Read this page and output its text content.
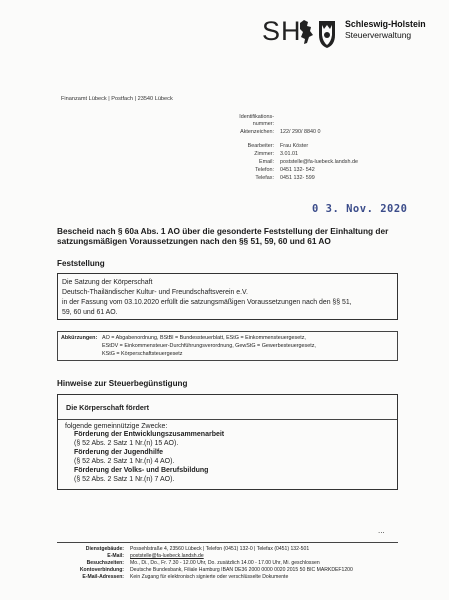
SH	Schleswig-Holstein
Steuerverwaltung
Finanzamt Lübeck | Postfach | 23540 Lübeck
Identifikations-
nummer:
Aktenzeichen: 122/ 290/ 8840 0
Bearbeiter: Frau Köster
Zimmer: 3.01.01
Email: poststelle@fa-luebeck.landsh.de
Telefon: 0451 132- 542
Telefax: 0451 132- 599
0 3. Nov. 2020
Bescheid nach § 60a Abs. 1 AO über die gesonderte Feststellung der Einhaltung der satzungsmäßigen Voraussetzungen nach den §§ 51, 59, 60 und 61 AO
Feststellung
Die Satzung der Körperschaft
Deutsch-Thailändischer Kultur- und Freundschaftsverein e.V.
in der Fassung vom 03.10.2020 erfüllt die satzungsmäßigen Voraussetzungen nach den §§ 51,
59, 60 und 61 AO.
Abkürzungen: AO = Abgabenordnung, BStBl = Bundessteuerblatt, EStG = Einkommensteuergesetz,
EStDV = Einkommensteuer-Durchführungsverordnung, GewStG = Gewerbesteuergesetz,
KStG = Körperschaftsteuergesetz
Hinweise zur Steuerbegünstigung
Die Körperschaft fördert
folgende gemeinnützige Zwecke:
Förderung der Entwicklungszusammenarbeit
(§ 52 Abs. 2 Satz 1 Nr.(n) 15 AO).
Förderung der Jugendhilfe
(§ 52 Abs. 2 Satz 1 Nr.(n) 4 AO).
Förderung der Volks- und Berufsbildung
(§ 52 Abs. 2 Satz 1 Nr.(n) 7 AO).
...
Dienstgebäude: Possehlstraße 4, 23560 Lübeck | Telefon (0451) 132-0 | Telefax (0451) 132-501
E-Mail: poststelle@fa-luebeck.landsh.de
Besuchszeiten: Mo., Di., Do., Fr. 7.30 - 12.00 Uhr, Do. zusätzlich 14.00 - 17.00 Uhr, Mi. geschlossen
Kontoverbindung: Deutsche Bundesbank, Filiale Hamburg IBAN DE36 2000 0000 0020 2015 50 BIC MARKDEF1200
E-Mail-Adressen: Kein Zugang für elektronisch signierte oder verschlüsselte Dokumente
